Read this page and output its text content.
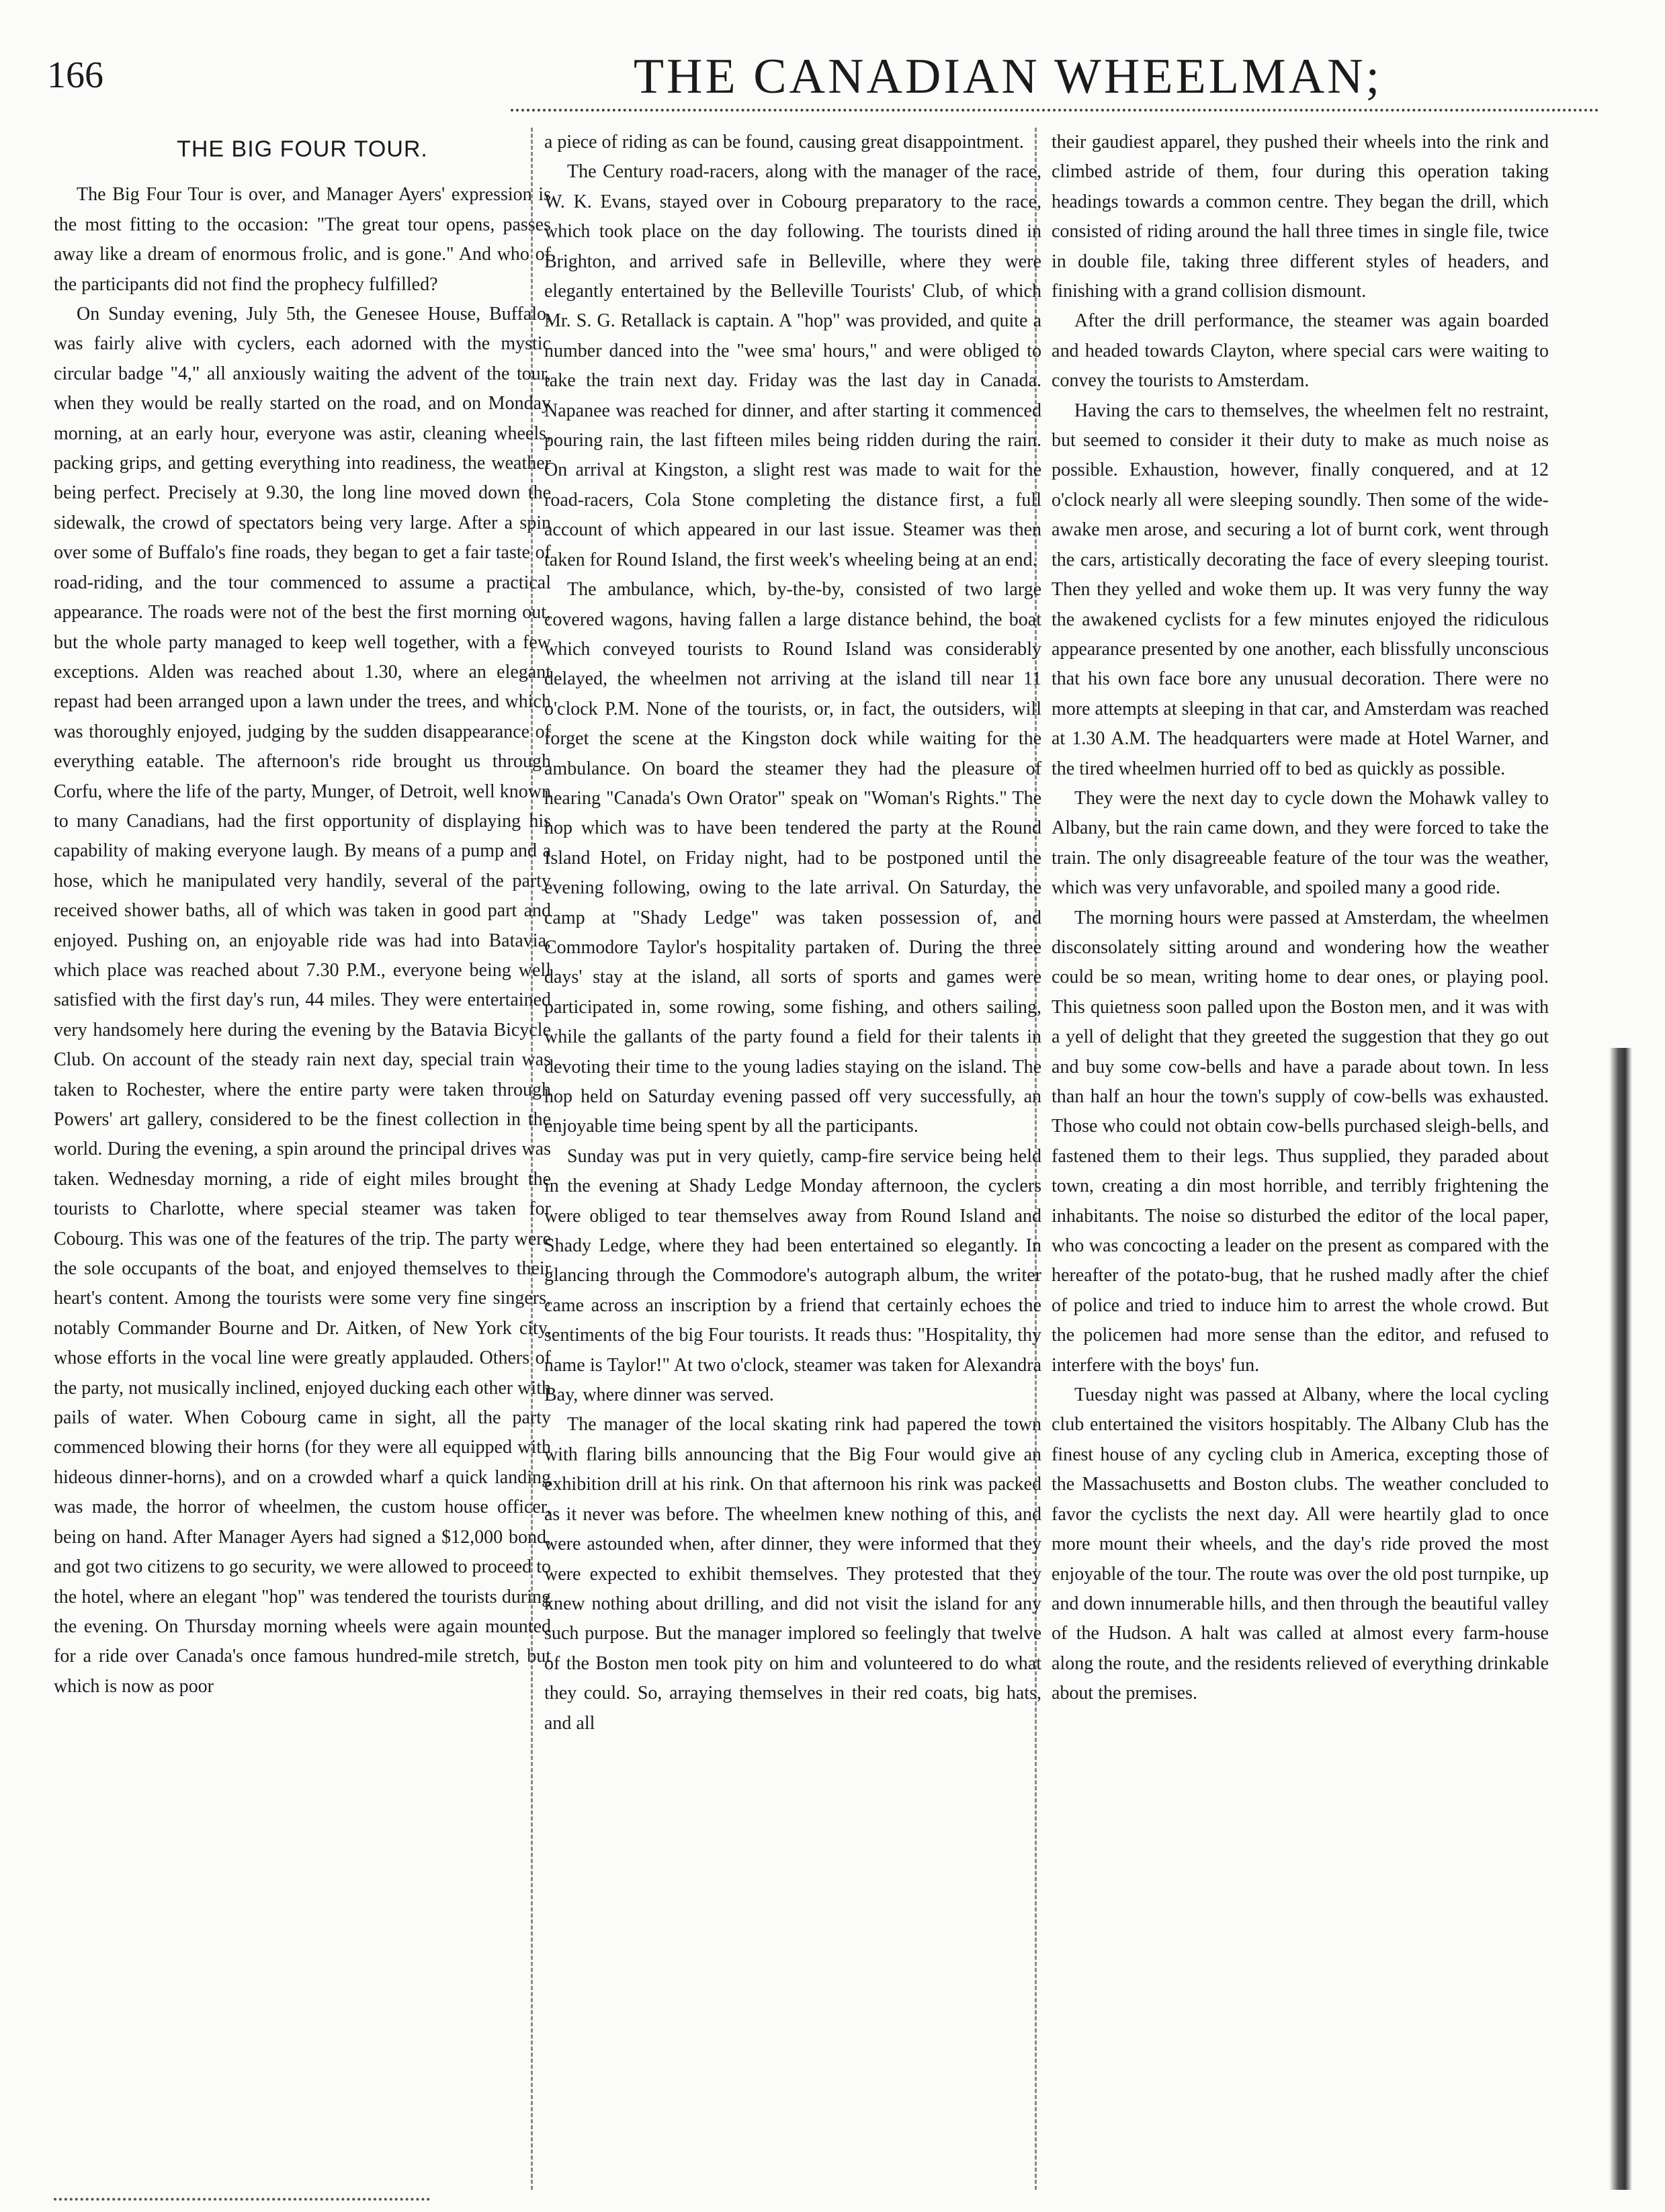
166	THE CANADIAN WHEELMAN;
THE BIG FOUR TOUR.

The Big Four Tour is over, and Manager Ayers' expression is the most fitting to the occasion: "The great tour opens, passes away like a dream of enormous frolic, and is gone." And who of the participants did not find the prophecy fulfilled?

On Sunday evening, July 5th, the Genesee House, Buffalo, was fairly alive with cyclers, each adorned with the mystic circular badge "4," all anxiously waiting the advent of the tour, when they would be really started on the road, and on Monday morning, at an early hour, everyone was astir, cleaning wheels, packing grips, and getting everything into readiness, the weather being perfect. Precisely at 9.30, the long line moved down the sidewalk, the crowd of spectators being very large. After a spin over some of Buffalo's fine roads, they began to get a fair taste of road-riding, and the tour commenced to assume a practical appearance. The roads were not of the best the first morning out, but the whole party managed to keep well together, with a few exceptions. Alden was reached about 1.30, where an elegant repast had been arranged upon a lawn under the trees, and which was thoroughly enjoyed, judging by the sudden disappearance of everything eatable. The afternoon's ride brought us through Corfu, where the life of the party, Munger, of Detroit, well known to many Canadians, had the first opportunity of displaying his capability of making everyone laugh. By means of a pump and a hose, which he manipulated very handily, several of the party received shower baths, all of which was taken in good part and enjoyed. Pushing on, an enjoyable ride was had into Batavia, which place was reached about 7.30 P.M., everyone being well satisfied with the first day's run, 44 miles. They were entertained very handsomely here during the evening by the Batavia Bicycle Club. On account of the steady rain next day, special train was taken to Rochester, where the entire party were taken through Powers' art gallery, considered to be the finest collection in the world. During the evening, a spin around the principal drives was taken. Wednesday morning, a ride of eight miles brought the tourists to Charlotte, where special steamer was taken for Cobourg. This was one of the features of the trip. The party were the sole occupants of the boat, and enjoyed themselves to their heart's content. Among the tourists were some very fine singers, notably Commander Bourne and Dr. Aitken, of New York city, whose efforts in the vocal line were greatly applauded. Others of the party, not musically inclined, enjoyed ducking each other with pails of water. When Cobourg came in sight, all the party commenced blowing their horns (for they were all equipped with hideous dinner-horns), and on a crowded wharf a quick landing was made, the horror of wheelmen, the custom house officer, being on hand. After Manager Ayers had signed a $12,000 bond, and got two citizens to go security, we were allowed to proceed to the hotel, where an elegant "hop" was tendered the tourists during the evening. On Thursday morning wheels were again mounted for a ride over Canada's once famous hundred-mile stretch, but which is now as poor

a piece of riding as can be found, causing great disappointment.

The Century road-racers, along with the manager of the race, W. K. Evans, stayed over in Cobourg preparatory to the race, which took place on the day following. The tourists dined in Brighton, and arrived safe in Belleville, where they were elegantly entertained by the Belleville Tourists' Club, of which Mr. S. G. Retallack is captain. A "hop" was provided, and quite a number danced into the "wee sma' hours," and were obliged to take the train next day. Friday was the last day in Canada. Napanee was reached for dinner, and after starting it commenced pouring rain, the last fifteen miles being ridden during the rain. On arrival at Kingston, a slight rest was made to wait for the road-racers, Cola Stone completing the distance first, a full account of which appeared in our last issue. Steamer was then taken for Round Island, the first week's wheeling being at an end.

The ambulance, which, by-the-by, consisted of two large covered wagons, having fallen a large distance behind, the boat which conveyed tourists to Round Island was considerably delayed, the wheelmen not arriving at the island till near 11 o'clock P.M. None of the tourists, or, in fact, the outsiders, will forget the scene at the Kingston dock while waiting for the ambulance. On board the steamer they had the pleasure of hearing "Canada's Own Orator" speak on "Woman's Rights." The hop which was to have been tendered the party at the Round Island Hotel, on Friday night, had to be postponed until the evening following, owing to the late arrival. On Saturday, the camp at "Shady Ledge" was taken possession of, and Commodore Taylor's hospitality partaken of. During the three days' stay at the island, all sorts of sports and games were participated in, some rowing, some fishing, and others sailing, while the gallants of the party found a field for their talents in devoting their time to the young ladies staying on the island. The hop held on Saturday evening passed off very successfully, an enjoyable time being spent by all the participants.

Sunday was put in very quietly, camp-fire service being held in the evening at Shady Ledge Monday afternoon, the cyclers were obliged to tear themselves away from Round Island and Shady Ledge, where they had been entertained so elegantly. In glancing through the Commodore's autograph album, the writer came across an inscription by a friend that certainly echoes the sentiments of the big Four tourists. It reads thus: "Hospitality, thy name is Taylor!" At two o'clock, steamer was taken for Alexandra Bay, where dinner was served.

The manager of the local skating rink had papered the town with flaring bills announcing that the Big Four would give an exhibition drill at his rink. On that afternoon his rink was packed as it never was before. The wheelmen knew nothing of this, and were astounded when, after dinner, they were informed that they were expected to exhibit themselves. They protested that they knew nothing about drilling, and did not visit the island for any such purpose. But the manager implored so feelingly that twelve of the Boston men took pity on him and volunteered to do what they could. So, arraying themselves in their red coats, big hats, and all

their gaudiest apparel, they pushed their wheels into the rink and climbed astride of them, four during this operation taking headings towards a common centre. They began the drill, which consisted of riding around the hall three times in single file, twice in double file, taking three different styles of headers, and finishing with a grand collision dismount.

After the drill performance, the steamer was again boarded and headed towards Clayton, where special cars were waiting to convey the tourists to Amsterdam.

Having the cars to themselves, the wheelmen felt no restraint, but seemed to consider it their duty to make as much noise as possible. Exhaustion, however, finally conquered, and at 12 o'clock nearly all were sleeping soundly. Then some of the wide-awake men arose, and securing a lot of burnt cork, went through the cars, artistically decorating the face of every sleeping tourist. Then they yelled and woke them up. It was very funny the way the awakened cyclists for a few minutes enjoyed the ridiculous appearance presented by one another, each blissfully unconscious that his own face bore any unusual decoration. There were no more attempts at sleeping in that car, and Amsterdam was reached at 1.30 A.M. The headquarters were made at Hotel Warner, and the tired wheelmen hurried off to bed as quickly as possible.

They were the next day to cycle down the Mohawk valley to Albany, but the rain came down, and they were forced to take the train. The only disagreeable feature of the tour was the weather, which was very unfavorable, and spoiled many a good ride.

The morning hours were passed at Amsterdam, the wheelmen disconsolately sitting around and wondering how the weather could be so mean, writing home to dear ones, or playing pool. This quietness soon palled upon the Boston men, and it was with a yell of delight that they greeted the suggestion that they go out and buy some cow-bells and have a parade about town. In less than half an hour the town's supply of cow-bells was exhausted. Those who could not obtain cow-bells purchased sleigh-bells, and fastened them to their legs. Thus supplied, they paraded about town, creating a din most horrible, and terribly frightening the inhabitants. The noise so disturbed the editor of the local paper, who was concocting a leader on the present as compared with the hereafter of the potato-bug, that he rushed madly after the chief of police and tried to induce him to arrest the whole crowd. But the policemen had more sense than the editor, and refused to interfere with the boys' fun.

Tuesday night was passed at Albany, where the local cycling club entertained the visitors hospitably. The Albany Club has the finest house of any cycling club in America, excepting those of the Massachusetts and Boston clubs. The weather concluded to favor the cyclists the next day. All were heartily glad to once more mount their wheels, and the day's ride proved the most enjoyable of the tour. The route was over the old post turnpike, up and down innumerable hills, and then through the beautiful valley of the Hudson. A halt was called at almost every farm-house along the route, and the residents relieved of everything drinkable about the premises.
